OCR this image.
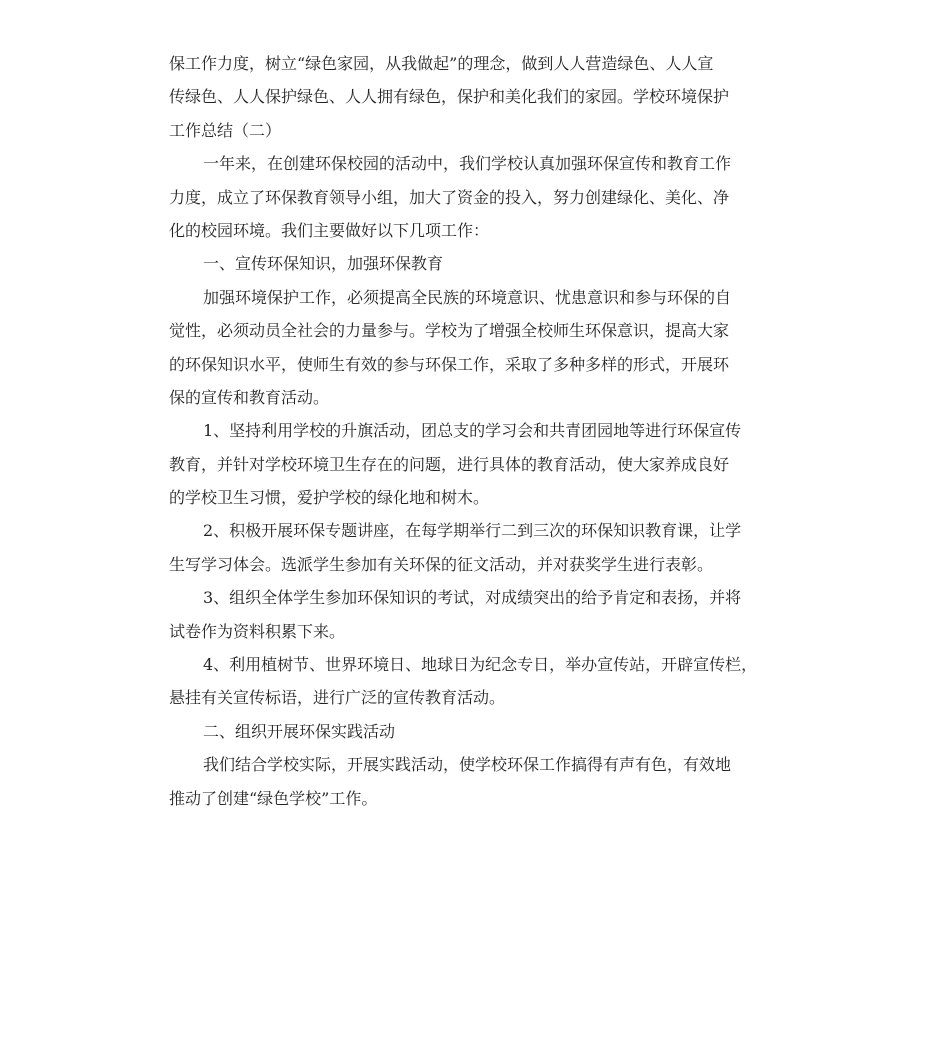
保工作力度，树立“绿色家园，从我做起”的理念，做到人人营造绿色、人人宣
传绿色、人人保护绿色、人人拥有绿色，保护和美化我们的家园。学校环境保护
工作总结（二）
一年来，在创建环保校园的活动中，我们学校认真加强环保宣传和教育工作
力度，成立了环保教育领导小组，加大了资金的投入，努力创建绿化、美化、净
化的校园环境。我们主要做好以下几项工作：
一、宣传环保知识，加强环保教育
加强环境保护工作，必须提高全民族的环境意识、忧患意识和参与环保的自
觉性，必须动员全社会的力量参与。学校为了增强全校师生环保意识，提高大家
的环保知识水平，使师生有效的参与环保工作，采取了多种多样的形式，开展环
保的宣传和教育活动。
1、坚持利用学校的升旗活动，团总支的学习会和共青团园地等进行环保宣传
教育，并针对学校环境卫生存在的问题，进行具体的教育活动，使大家养成良好
的学校卫生习惯，爱护学校的绿化地和树木。
2、积极开展环保专题讲座，在每学期举行二到三次的环保知识教育课，让学
生写学习体会。选派学生参加有关环保的征文活动，并对获奖学生进行表彰。
3、组织全体学生参加环保知识的考试，对成绩突出的给予肯定和表扬，并将
试卷作为资料积累下来。
4、利用植树节、世界环境日、地球日为纪念专日，举办宣传站，开辟宣传栏，
悬挂有关宣传标语，进行广泛的宣传教育活动。
二、组织开展环保实践活动
我们结合学校实际，开展实践活动，使学校环保工作搞得有声有色，有效地
推动了创建“绿色学校”工作。
